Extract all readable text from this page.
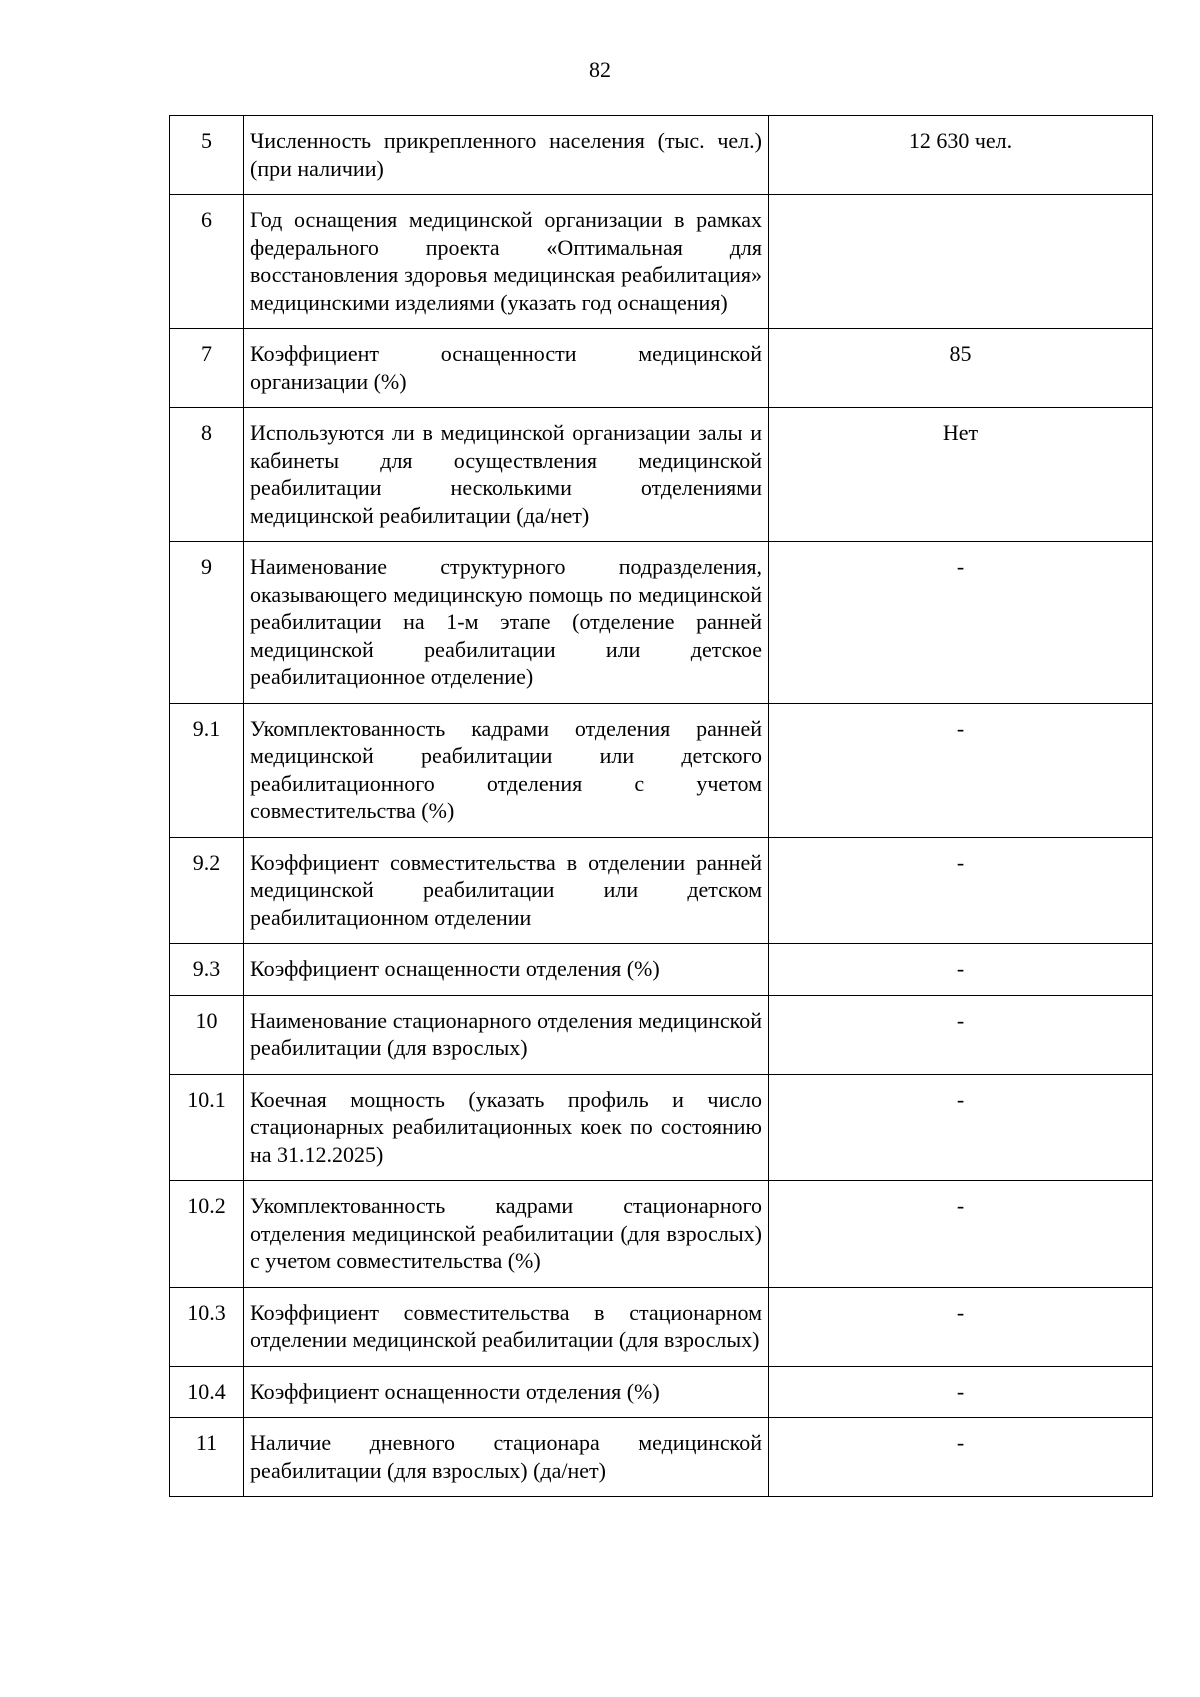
82
5	Численность прикрепленного населения (тыс. чел.) (при наличии)	12 630 чел.
6	Год оснащения медицинской организации в рамках федерального проекта «Оптимальная для восстановления здоровья медицинская реабилитация» медицинскими изделиями (указать год оснащения)	
7	Коэффициент оснащенности медицинской организации (%)	85
8	Используются ли в медицинской организации залы и кабинеты для осуществления медицинской реабилитации несколькими отделениями медицинской реабилитации (да/нет)	Нет
9	Наименование структурного подразделения, оказывающего медицинскую помощь по медицинской реабилитации на 1-м этапе (отделение ранней медицинской реабилитации или детское реабилитационное отделение)	-
9.1	Укомплектованность кадрами отделения ранней медицинской реабилитации или детского реабилитационного отделения с учетом совместительства (%)	-
9.2	Коэффициент совместительства в отделении ранней медицинской реабилитации или детском реабилитационном отделении	-
9.3	Коэффициент оснащенности отделения (%)	-
10	Наименование стационарного отделения медицинской реабилитации (для взрослых)	-
10.1	Коечная мощность (указать профиль и число стационарных реабилитационных коек по состоянию на 31.12.2025)	-
10.2	Укомплектованность кадрами стационарного отделения медицинской реабилитации (для взрослых) с учетом совместительства (%)	-
10.3	Коэффициент совместительства в стационарном отделении медицинской реабилитации (для взрослых)	-
10.4	Коэффициент оснащенности отделения (%)	-
11	Наличие дневного стационара медицинской реабилитации (для взрослых) (да/нет)	-
